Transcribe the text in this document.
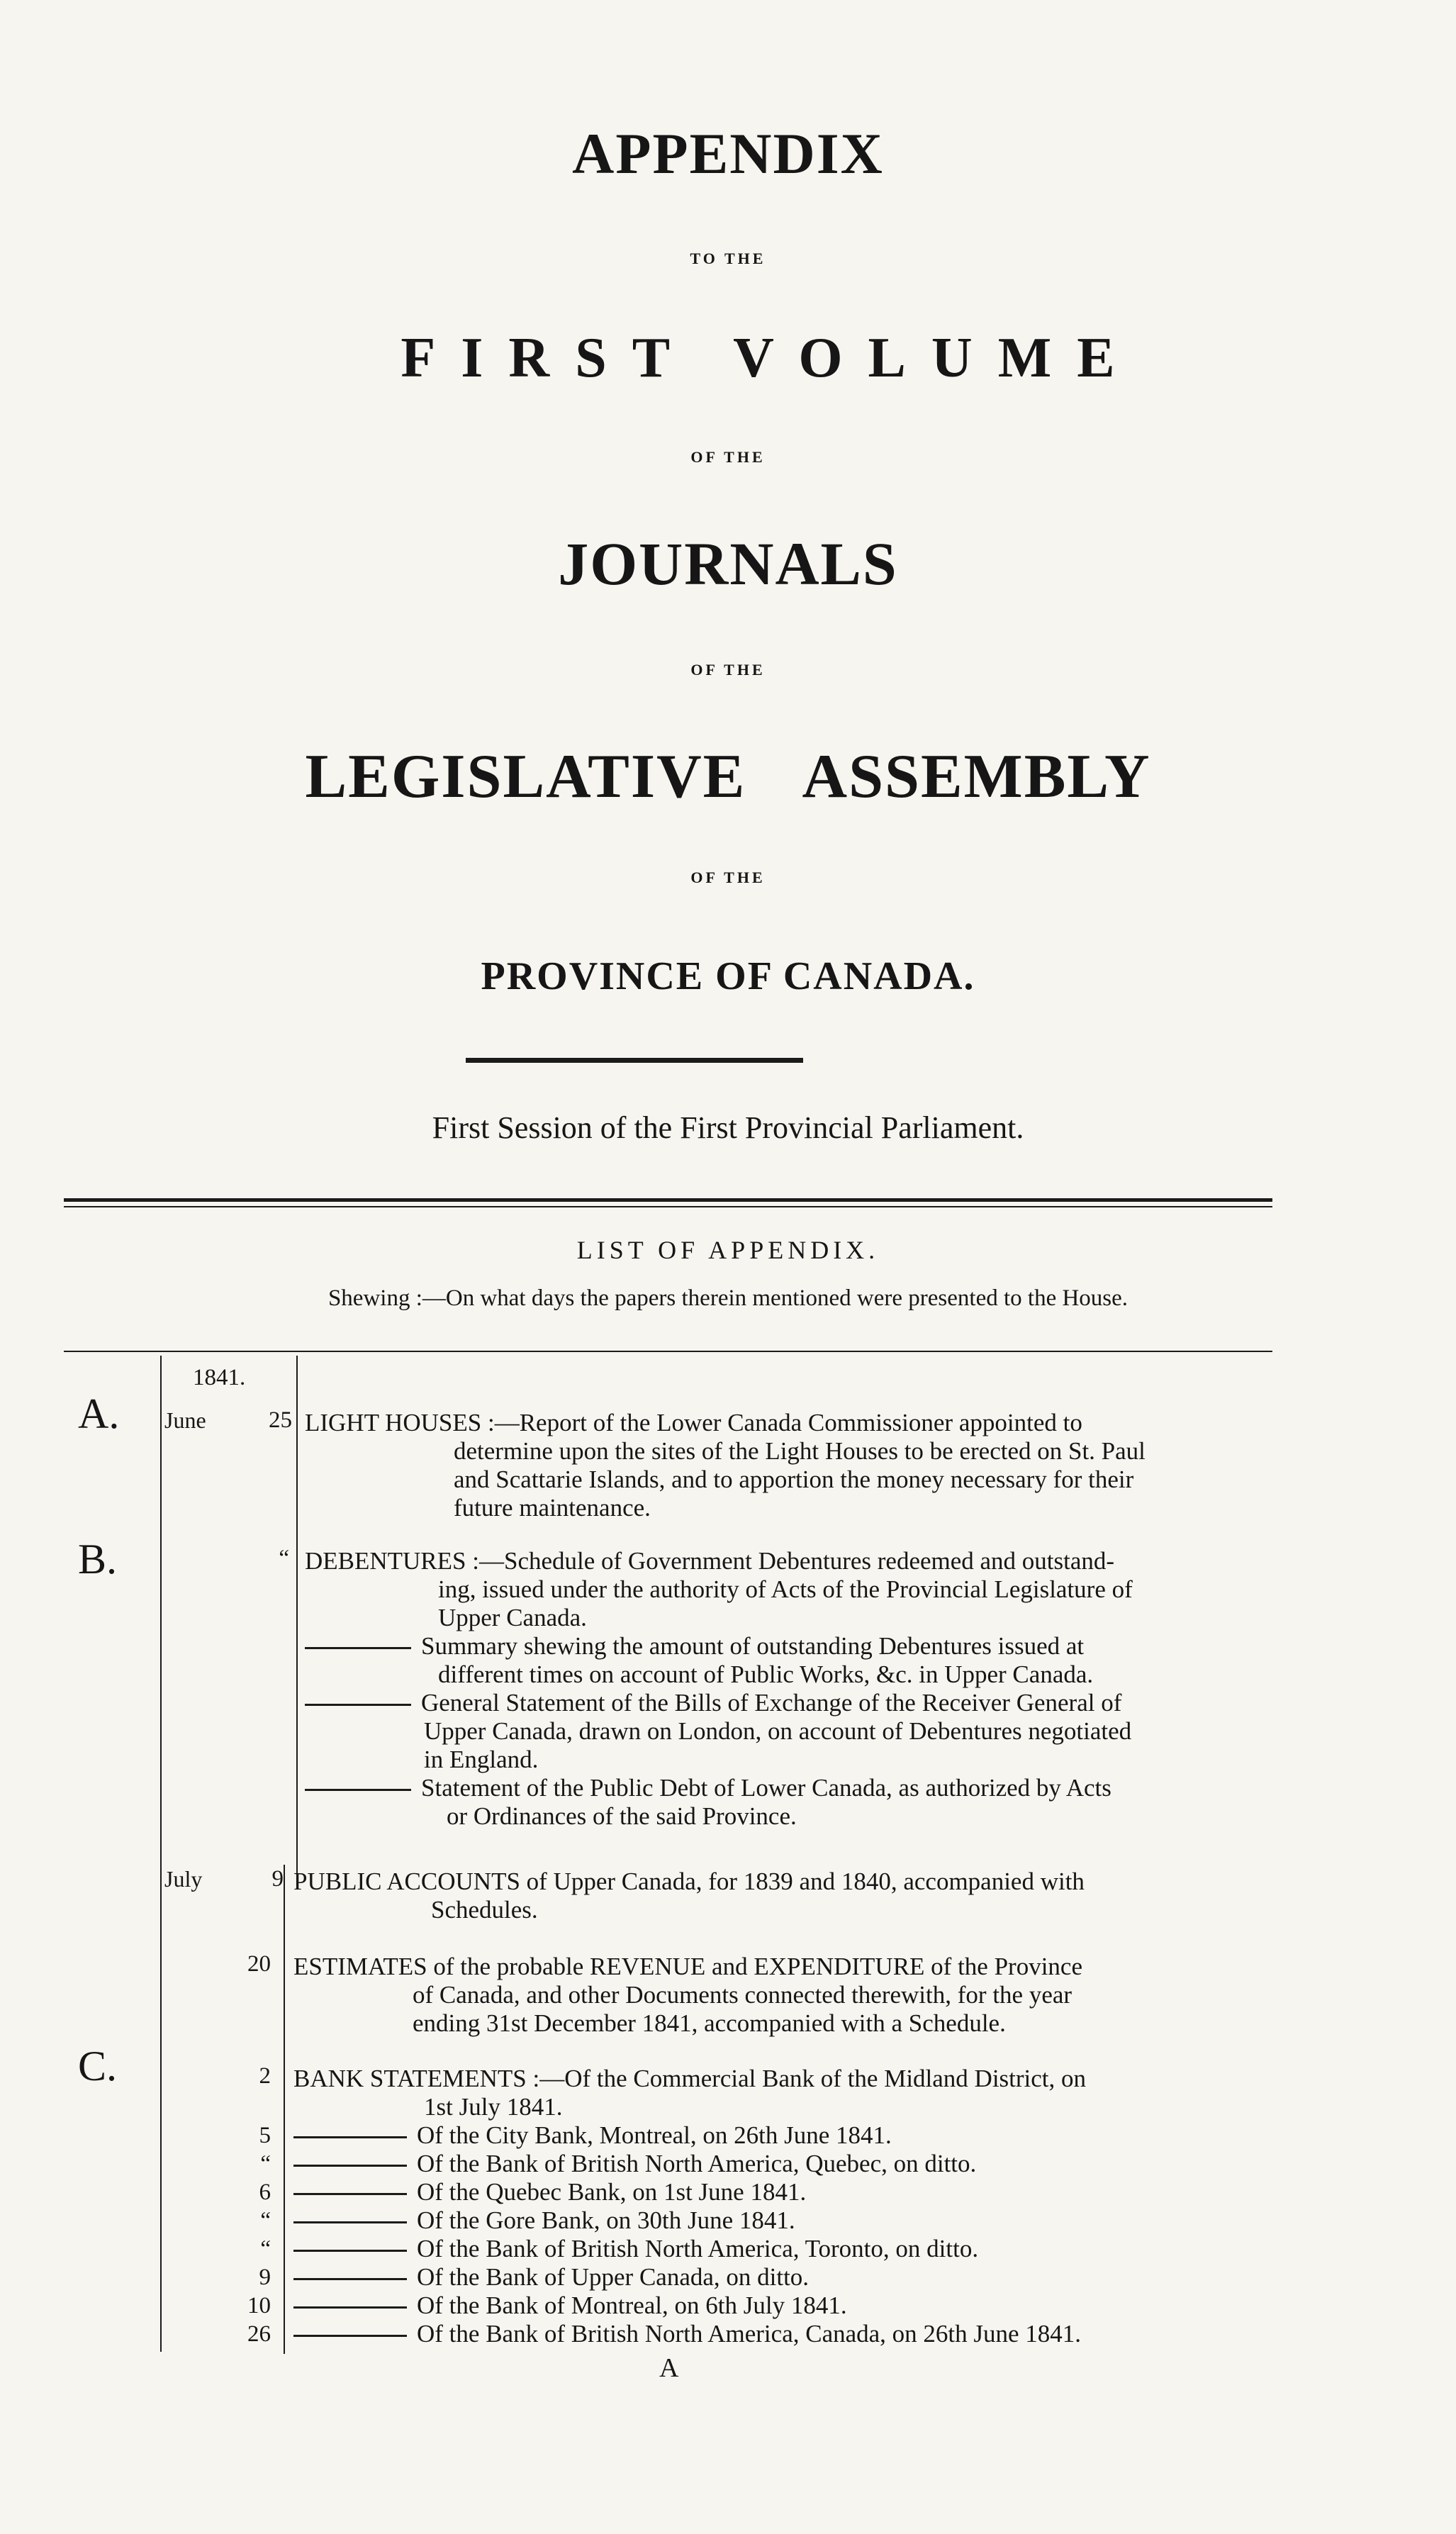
APPENDIX
TO THE
FIRST VOLUME
OF THE
JOURNALS
OF THE
LEGISLATIVE ASSEMBLY
OF THE
PROVINCE OF CANADA.
First Session of the First Provincial Parliament.
LIST OF APPENDIX.
Shewing :—On what days the papers therein mentioned were presented to the House.
A.
B.
C.
1841.
June	25
“
July	9
20
2
5
“
6
“
“
9
10
26
LIGHT HOUSES :—Report of the Lower Canada Commissioner appointed to
determine upon the sites of the Light Houses to be erected on St. Paul
and Scattarie Islands, and to apportion the money necessary for their
future maintenance.
DEBENTURES :—Schedule of Government Debentures redeemed and outstand-
ing, issued under the authority of Acts of the Provincial Legislature of
Upper Canada.
Summary shewing the amount of outstanding Debentures issued at
different times on account of Public Works, &c. in Upper Canada.
General Statement of the Bills of Exchange of the Receiver General of
Upper Canada, drawn on London, on account of Debentures negotiated
in England.
Statement of the Public Debt of Lower Canada, as authorized by Acts
or Ordinances of the said Province.
PUBLIC ACCOUNTS of Upper Canada, for 1839 and 1840, accompanied with
Schedules.
ESTIMATES of the probable REVENUE and EXPENDITURE of the Province
of Canada, and other Documents connected therewith, for the year
ending 31st December 1841, accompanied with a Schedule.
BANK STATEMENTS :—Of the Commercial Bank of the Midland District, on
1st July 1841.
Of the City Bank, Montreal, on 26th June 1841.
Of the Bank of British North America, Quebec, on ditto.
Of the Quebec Bank, on 1st June 1841.
Of the Gore Bank, on 30th June 1841.
Of the Bank of British North America, Toronto, on ditto.
Of the Bank of Upper Canada, on ditto.
Of the Bank of Montreal, on 6th July 1841.
Of the Bank of British North America, Canada, on 26th June 1841.
A
